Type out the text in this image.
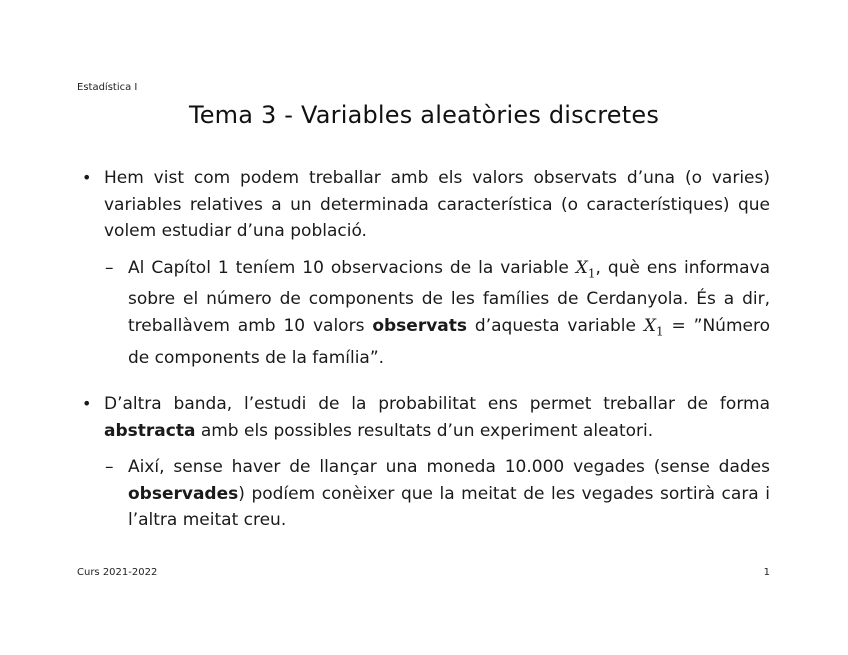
Estadística I
Tema 3 - Variables aleatòries discretes

• Hem vist com podem treballar amb els valors observats d’una (o varies) variables relatives a un determinada característica (o característiques) que volem estudiar d’una població.

– Al Capítol 1 teníem 10 observacions de la variable $X_1$, què ens informava sobre el número de components de les famílies de Cerdanyola. És a dir, treballàvem amb 10 valors observats d’aquesta variable $X_1$ = ”Número de components de la família”.

• D’altra banda, l’estudi de la probabilitat ens permet treballar de forma abstracta amb els possibles resultats d’un experiment aleatori.

– Així, sense haver de llançar una moneda 10.000 vegades (sense dades observades) podíem conèixer que la meitat de les vegades sortirà cara i l’altra meitat creu.

Curs 2021-2022	1
